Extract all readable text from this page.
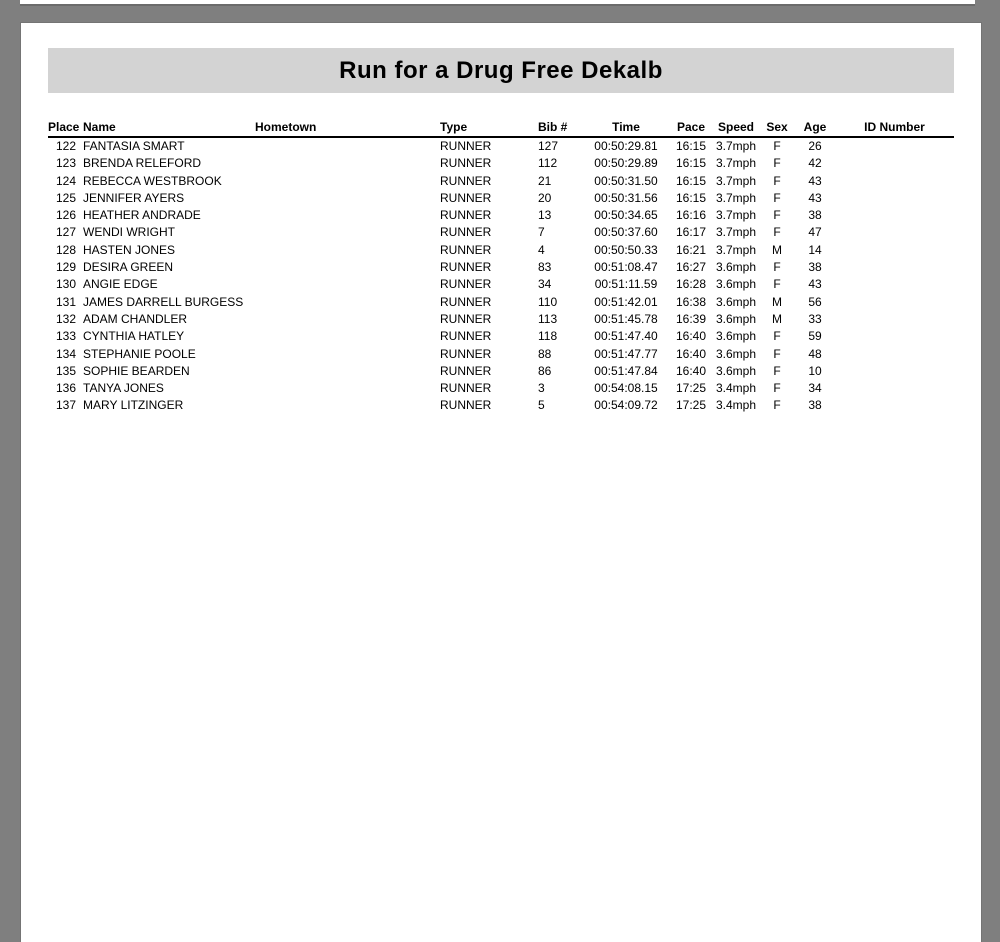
Run for a Drug Free Dekalb
Place	Name	Hometown	Type	Bib #	Time	Pace	Speed	Sex	Age	ID Number
122	FANTASIA SMART		RUNNER	127	00:50:29.81	16:15	3.7mph	F	26	
123	BRENDA RELEFORD		RUNNER	112	00:50:29.89	16:15	3.7mph	F	42	
124	REBECCA WESTBROOK		RUNNER	21	00:50:31.50	16:15	3.7mph	F	43	
125	JENNIFER AYERS		RUNNER	20	00:50:31.56	16:15	3.7mph	F	43	
126	HEATHER ANDRADE		RUNNER	13	00:50:34.65	16:16	3.7mph	F	38	
127	WENDI WRIGHT		RUNNER	7	00:50:37.60	16:17	3.7mph	F	47	
128	HASTEN JONES		RUNNER	4	00:50:50.33	16:21	3.7mph	M	14	
129	DESIRA GREEN		RUNNER	83	00:51:08.47	16:27	3.6mph	F	38	
130	ANGIE EDGE		RUNNER	34	00:51:11.59	16:28	3.6mph	F	43	
131	JAMES DARRELL BURGESS		RUNNER	110	00:51:42.01	16:38	3.6mph	M	56	
132	ADAM CHANDLER		RUNNER	113	00:51:45.78	16:39	3.6mph	M	33	
133	CYNTHIA HATLEY		RUNNER	118	00:51:47.40	16:40	3.6mph	F	59	
134	STEPHANIE POOLE		RUNNER	88	00:51:47.77	16:40	3.6mph	F	48	
135	SOPHIE BEARDEN		RUNNER	86	00:51:47.84	16:40	3.6mph	F	10	
136	TANYA JONES		RUNNER	3	00:54:08.15	17:25	3.4mph	F	34	
137	MARY LITZINGER		RUNNER	5	00:54:09.72	17:25	3.4mph	F	38	
